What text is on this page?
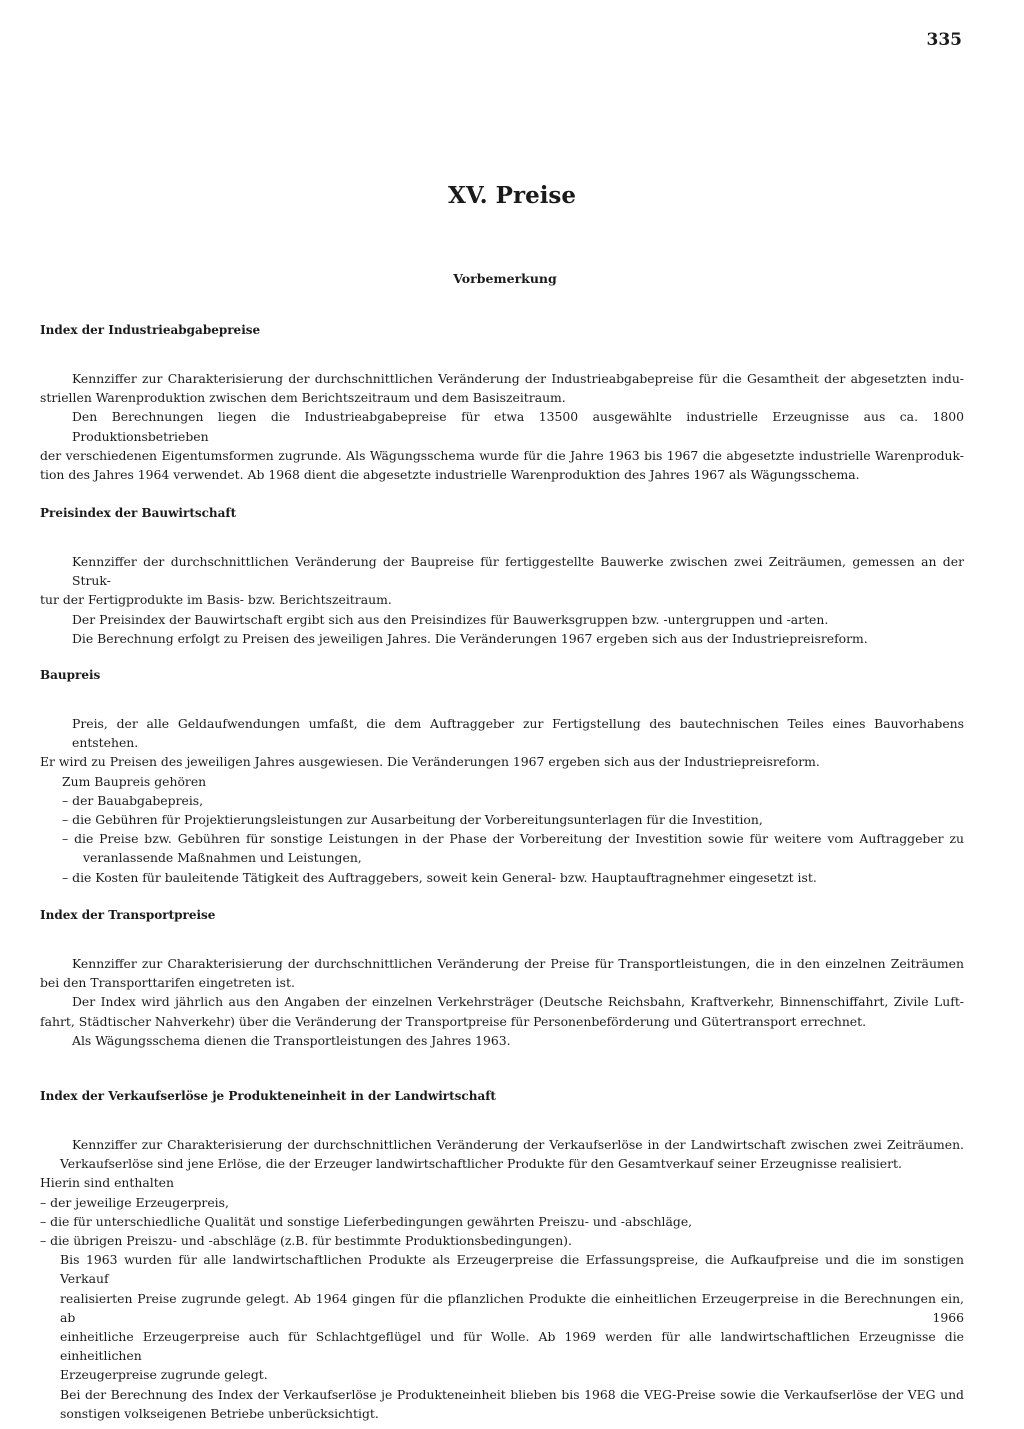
335
XV. Preise
Vorbemerkung
Index der Industrieabgabepreise
Kennziffer zur Charakterisierung der durchschnittlichen Veränderung der Industrieabgabepreise für die Gesamtheit der abgesetzten indu-
striellen Warenproduktion zwischen dem Berichtszeitraum und dem Basiszeitraum.
Den Berechnungen liegen die Industrieabgabepreise für etwa 13500 ausgewählte industrielle Erzeugnisse aus ca. 1800 Produktionsbetrieben
der verschiedenen Eigentumsformen zugrunde. Als Wägungsschema wurde für die Jahre 1963 bis 1967 die abgesetzte industrielle Warenproduk-
tion des Jahres 1964 verwendet. Ab 1968 dient die abgesetzte industrielle Warenproduktion des Jahres 1967 als Wägungsschema.
Preisindex der Bauwirtschaft
Kennziffer der durchschnittlichen Veränderung der Baupreise für fertiggestellte Bauwerke zwischen zwei Zeiträumen, gemessen an der Struk-
tur der Fertigprodukte im Basis- bzw. Berichtszeitraum.
Der Preisindex der Bauwirtschaft ergibt sich aus den Preisindizes für Bauwerksgruppen bzw. -untergruppen und -arten.
Die Berechnung erfolgt zu Preisen des jeweiligen Jahres. Die Veränderungen 1967 ergeben sich aus der Industriepreisreform.
Baupreis
Preis, der alle Geldaufwendungen umfaßt, die dem Auftraggeber zur Fertigstellung des bautechnischen Teiles eines Bauvorhabens entstehen.
Er wird zu Preisen des jeweiligen Jahres ausgewiesen. Die Veränderungen 1967 ergeben sich aus der Industriepreisreform.
Zum Baupreis gehören
– der Bauabgabepreis,
– die Gebühren für Projektierungsleistungen zur Ausarbeitung der Vorbereitungsunterlagen für die Investition,
– die Preise bzw. Gebühren für sonstige Leistungen in der Phase der Vorbereitung der Investition sowie für weitere vom Auftraggeber zu
veranlassende Maßnahmen und Leistungen,
– die Kosten für bauleitende Tätigkeit des Auftraggebers, soweit kein General- bzw. Hauptauftragnehmer eingesetzt ist.
Index der Transportpreise
Kennziffer zur Charakterisierung der durchschnittlichen Veränderung der Preise für Transportleistungen, die in den einzelnen Zeiträumen
bei den Transporttarifen eingetreten ist.
Der Index wird jährlich aus den Angaben der einzelnen Verkehrsträger (Deutsche Reichsbahn, Kraftverkehr, Binnenschiffahrt, Zivile Luft-
fahrt, Städtischer Nahverkehr) über die Veränderung der Transportpreise für Personenbeförderung und Gütertransport errechnet.
Als Wägungsschema dienen die Transportleistungen des Jahres 1963.
Index der Verkaufserlöse je Produkteneinheit in der Landwirtschaft
Kennziffer zur Charakterisierung der durchschnittlichen Veränderung der Verkaufserlöse in der Landwirtschaft zwischen zwei Zeiträumen.
Verkaufserlöse sind jene Erlöse, die der Erzeuger landwirtschaftlicher Produkte für den Gesamtverkauf seiner Erzeugnisse realisiert.
Hierin sind enthalten
– der jeweilige Erzeugerpreis,
– die für unterschiedliche Qualität und sonstige Lieferbedingungen gewährten Preiszu- und -abschläge,
– die übrigen Preiszu- und -abschläge (z.B. für bestimmte Produktionsbedingungen).
Bis 1963 wurden für alle landwirtschaftlichen Produkte als Erzeugerpreise die Erfassungspreise, die Aufkaufpreise und die im sonstigen Verkauf
realisierten Preise zugrunde gelegt. Ab 1964 gingen für die pflanzlichen Produkte die einheitlichen Erzeugerpreise in die Berechnungen ein, ab 1966
einheitliche Erzeugerpreise auch für Schlachtgeflügel und für Wolle. Ab 1969 werden für alle landwirtschaftlichen Erzeugnisse die einheitlichen
Erzeugerpreise zugrunde gelegt.
Bei der Berechnung des Index der Verkaufserlöse je Produkteneinheit blieben bis 1968 die VEG-Preise sowie die Verkaufserlöse der VEG und
sonstigen volkseigenen Betriebe unberücksichtigt.
